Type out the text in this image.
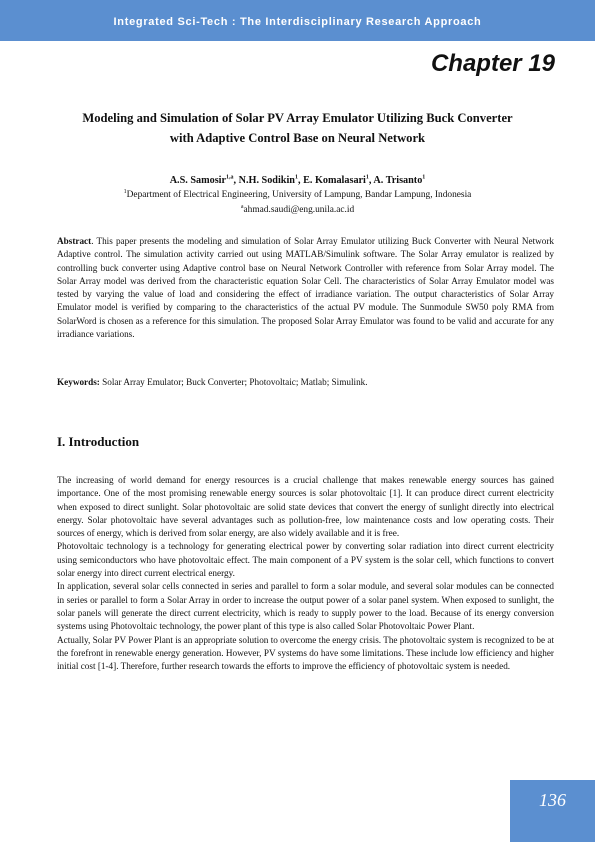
Integrated Sci-Tech : The Interdisciplinary Research Approach
Chapter 19
Modeling and Simulation of Solar PV Array Emulator Utilizing Buck Converter
with Adaptive Control Base on Neural Network
A.S. Samosir$^{1,a}$, N.H. Sodikin$^1$, E. Komalasari$^1$, A. Trisanto$^1$
$^1$Department of Electrical Engineering, University of Lampung, Bandar Lampung, Indonesia
$^a$ahmad.saudi@eng.unila.ac.id

Abstract. This paper presents the modeling and simulation of Solar Array Emulator utilizing Buck Converter with Neural Network Adaptive control. The simulation activity carried out using MATLAB/Simulink software. The Solar Array emulator is realized by controlling buck converter using Adaptive control base on Neural Network Controller with reference from Solar Array model. The Solar Array model was derived from the characteristic equation Solar Cell. The characteristics of Solar Array Emulator model was tested by varying the value of load and considering the effect of irradiance variation. The output characteristics of Solar Array Emulator model is verified by comparing to the characteristics of the actual PV module. The Sunmodule SW50 poly RMA from SolarWord is chosen as a reference for this simulation. The proposed Solar Array Emulator was found to be valid and accurate for any irradiance variations.

Keywords: Solar Array Emulator; Buck Converter; Photovoltaic; Matlab; Simulink.

I. Introduction

The increasing of world demand for energy resources is a crucial challenge that makes renewable energy sources has gained importance. One of the most promising renewable energy sources is solar photovoltaic [1]. It can produce direct current electricity when exposed to direct sunlight. Solar photovoltaic are solid state devices that convert the energy of sunlight directly into electrical energy. Solar photovoltaic have several advantages such as pollution-free, low maintenance costs and low operating costs. Their sources of energy, which is derived from solar energy, are also widely available and it is free.

Photovoltaic technology is a technology for generating electrical power by converting solar radiation into direct current electricity using semiconductors who have photovoltaic effect. The main component of a PV system is the solar cell, which functions to convert solar energy into direct current electrical energy.

In application, several solar cells connected in series and parallel to form a solar module, and several solar modules can be connected in series or parallel to form a Solar Array in order to increase the output power of a solar panel system. When exposed to sunlight, the solar panels will generate the direct current electricity, which is ready to supply power to the load. Because of its energy conversion systems using Photovoltaic technology, the power plant of this type is also called Solar Photovoltaic Power Plant.

Actually, Solar PV Power Plant is an appropriate solution to overcome the energy crisis. The photovoltaic system is recognized to be at the forefront in renewable energy generation. However, PV systems do have some limitations. These include low efficiency and higher initial cost [1-4]. Therefore, further research towards the efforts to improve the efficiency of photovoltaic system is needed.

136
